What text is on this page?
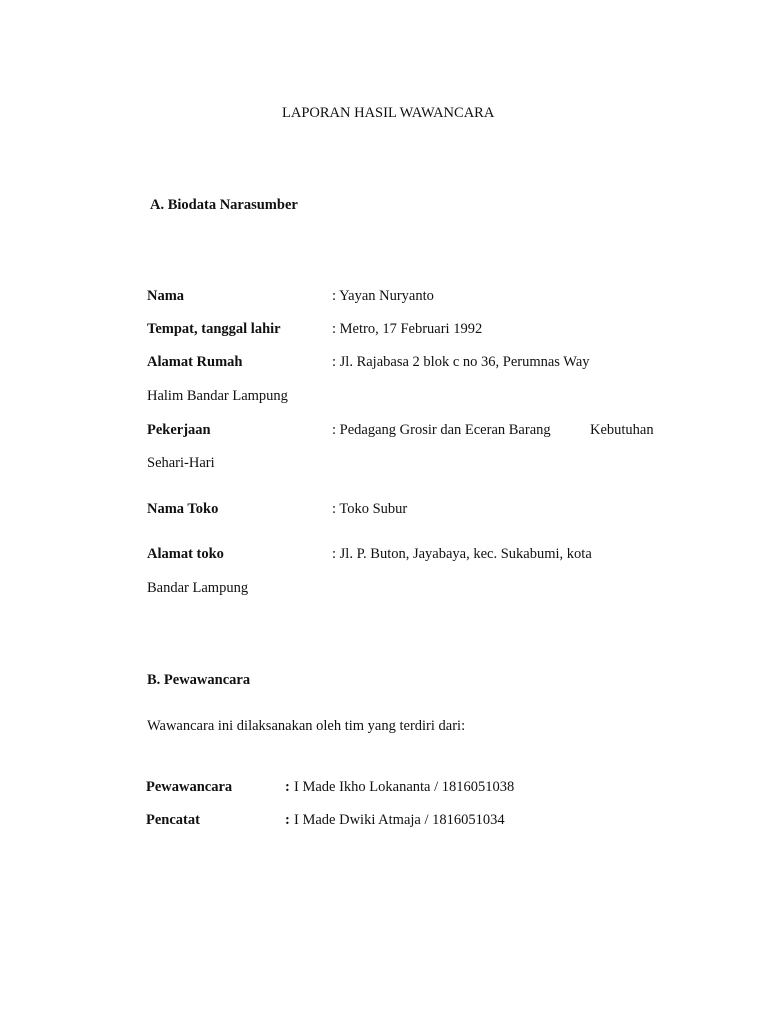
LAPORAN HASIL WAWANCARA
A. Biodata Narasumber
Nama	: Yayan Nuryanto
Tempat, tanggal lahir	: Metro, 17 Februari 1992
Alamat Rumah	: Jl. Rajabasa 2 blok c no 36, Perumnas Way
Halim Bandar Lampung
Pekerjaan	: Pedagang Grosir dan Eceran Barang	Kebutuhan
Sehari-Hari
Nama Toko	: Toko Subur
Alamat toko	: Jl. P. Buton, Jayabaya, kec. Sukabumi, kota
Bandar Lampung
B. Pewawancara
Wawancara ini dilaksanakan oleh tim yang terdiri dari:
Pewawancara	: I Made Ikho Lokananta / 1816051038
Pencatat	: I Made Dwiki Atmaja / 1816051034
